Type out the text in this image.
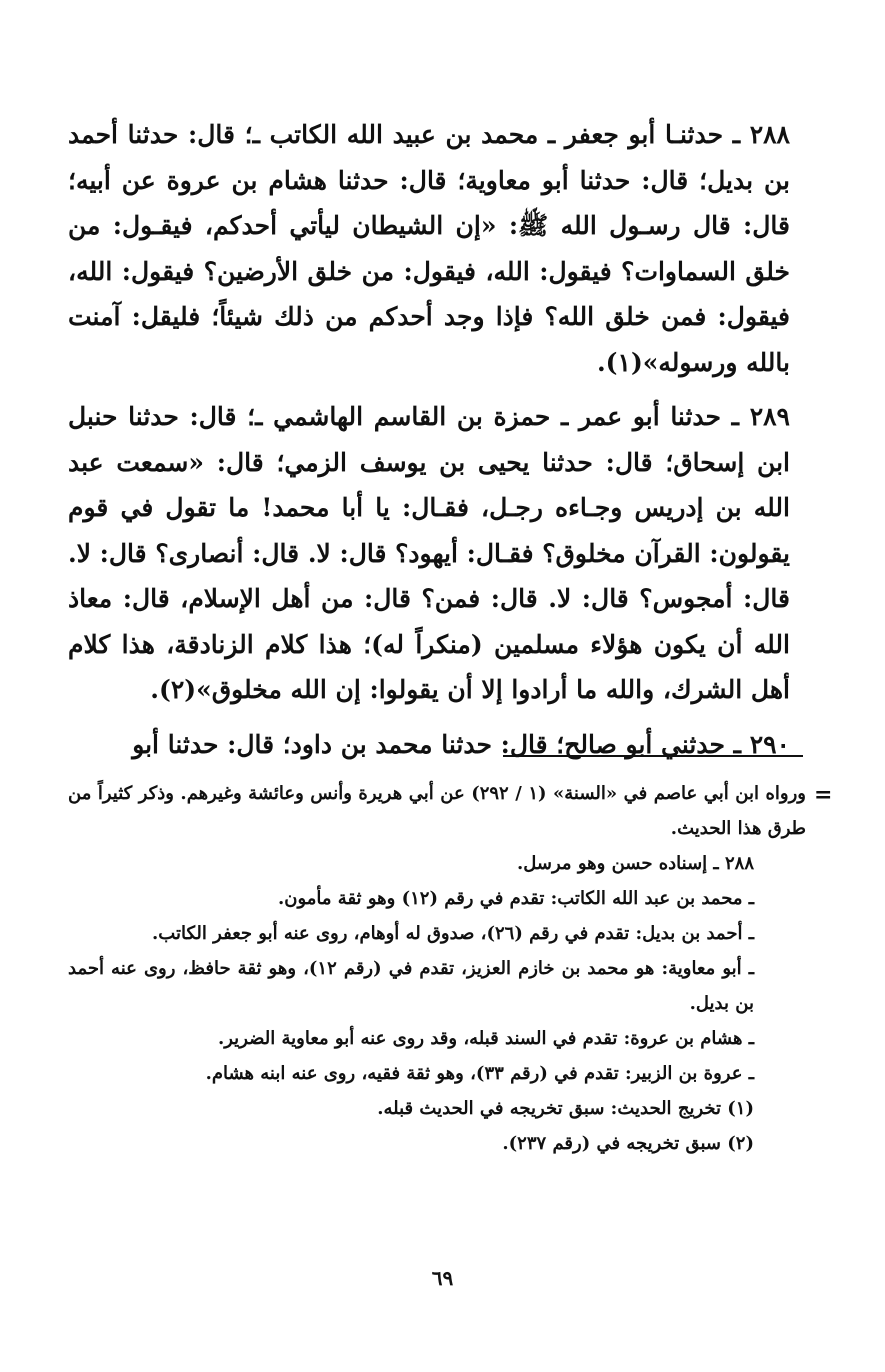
٢٨٨ ـ حدثنـا أبو جعفر ـ محمد بن عبيد الله الكاتب ـ؛ قال: حدثنا أحمد بن بديل؛ قال: حدثنا أبو معاوية؛ قال: حدثنا هشام بن عروة عن أبيه؛ قال: قال رسـول الله ﷺ: «إن الشيطان ليأتي أحدكم، فيقـول: من خلق السماوات؟ فيقول: الله، فيقول: من خلق الأرضين؟ فيقول: الله، فيقول: فمن خلق الله؟ فإذا وجد أحدكم من ذلك شيئاً؛ فليقل: آمنت بالله ورسوله»(١).

٢٨٩ ـ حدثنا أبو عمر ـ حمزة بن القاسم الهاشمي ـ؛ قال: حدثنا حنبل ابن إسحاق؛ قال: حدثنا يحيى بن يوسف الزمي؛ قال: «سمعت عبد الله بن إدريس وجـاءه رجـل، فقـال: يا أبا محمد! ما تقول في قوم يقولون: القرآن مخلوق؟ فقـال: أيهود؟ قال: لا. قال: أنصارى؟ قال: لا. قال: أمجوس؟ قال: لا. قال: فمن؟ قال: من أهل الإسلام، قال: معاذ الله أن يكون هؤلاء مسلمين (منكراً له)؛ هذا كلام الزنادقة، هذا كلام أهل الشرك، والله ما أرادوا إلا أن يقولوا: إن الله مخلوق»(٢).

٢٩٠ ـ حدثني أبو صالح؛ قال: حدثنا محمد بن داود؛ قال: حدثنا أبو

=

ورواه ابن أبي عاصم في «السنة» (١ / ٢٩٢) عن أبي هريرة وأنس وعائشة وغيرهم. وذكر كثيراً من طرق هذا الحديث.

٢٨٨ ـ إسناده حسن وهو مرسل.

ـ محمد بن عبد الله الكاتب: تقدم في رقم (١٢) وهو ثقة مأمون.

ـ أحمد بن بديل: تقدم في رقم (٢٦)، صدوق له أوهام، روى عنه أبو جعفر الكاتب.

ـ أبو معاوية: هو محمد بن خازم العزيز، تقدم في (رقم ١٢)، وهو ثقة حافظ، روى عنه أحمد بن بديل.

ـ هشام بن عروة: تقدم في السند قبله، وقد روى عنه أبو معاوية الضرير.

ـ عروة بن الزبير: تقدم في (رقم ٣٣)، وهو ثقة فقيه، روى عنه ابنه هشام.

(١) تخريج الحديث: سبق تخريجه في الحديث قبله.

(٢) سبق تخريجه في (رقم ٢٣٧).

٦٩
